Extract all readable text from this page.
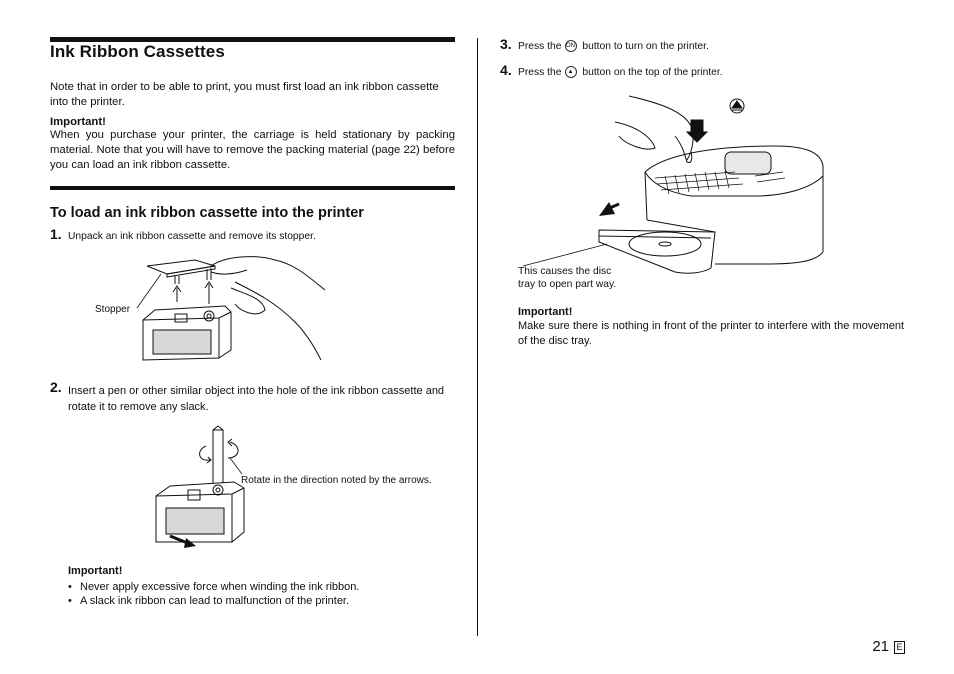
Ink Ribbon Cassettes
Note that in order to be able to print, you must first load an ink ribbon cassette into the printer.
Important!
When you purchase your printer, the carriage is held stationary by packing material. Note that you will have to remove the packing material (page 22) before you can load an ink ribbon cassette.
To load an ink ribbon cassette into the printer
1. Unpack an ink ribbon cassette and remove its stopper.
Stopper
2. Insert a pen or other similar object into the hole of the ink ribbon cassette and rotate it to remove any slack.
Rotate in the direction noted by the arrows.
Important!
• Never apply excessive force when winding the ink ribbon.
• A slack ink ribbon can lead to malfunction of the printer.
3. Press the ON button to turn on the printer.
4. Press the ▲ button on the top of the printer.
This causes the disc tray to open part way.
Important!
Make sure there is nothing in front of the printer to interfere with the movement of the disc tray.
21 E
